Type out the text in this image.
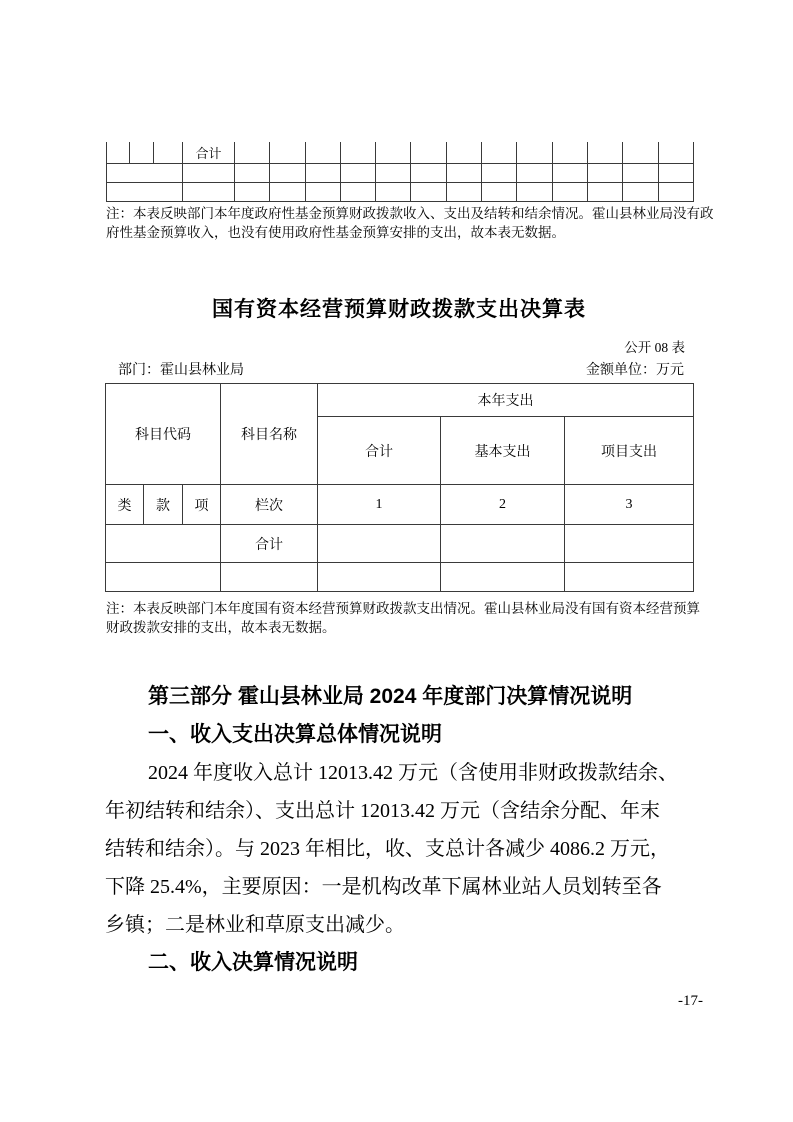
			合计													

注：本表反映部门本年度政府性基金预算财政拨款收入、支出及结转和结余情况。霍山县林业局没有政
府性基金预算收入，也没有使用政府性基金预算安排的支出，故本表无数据。
国有资本经营预算财政拨款支出决算表
公开 08 表
部门：霍山县林业局	金额单位：万元
科目代码			科目名称	本年支出		
				合计	基本支出	项目支出
类	款	项	栏次	1	2	3
			合计			

注：本表反映部门本年度国有资本经营预算财政拨款支出情况。霍山县林业局没有国有资本经营预算
财政拨款安排的支出，故本表无数据。
第三部分 霍山县林业局 2024 年度部门决算情况说明
一、收入支出决算总体情况说明
2024 年度收入总计 12013.42 万元（含使用非财政拨款结余、
年初结转和结余）、支出总计 12013.42 万元（含结余分配、年末
结转和结余）。与 2023 年相比，收、支总计各减少 4086.2 万元，
下降 25.4%，主要原因：一是机构改革下属林业站人员划转至各
乡镇；二是林业和草原支出减少。
二、收入决算情况说明
-17-
